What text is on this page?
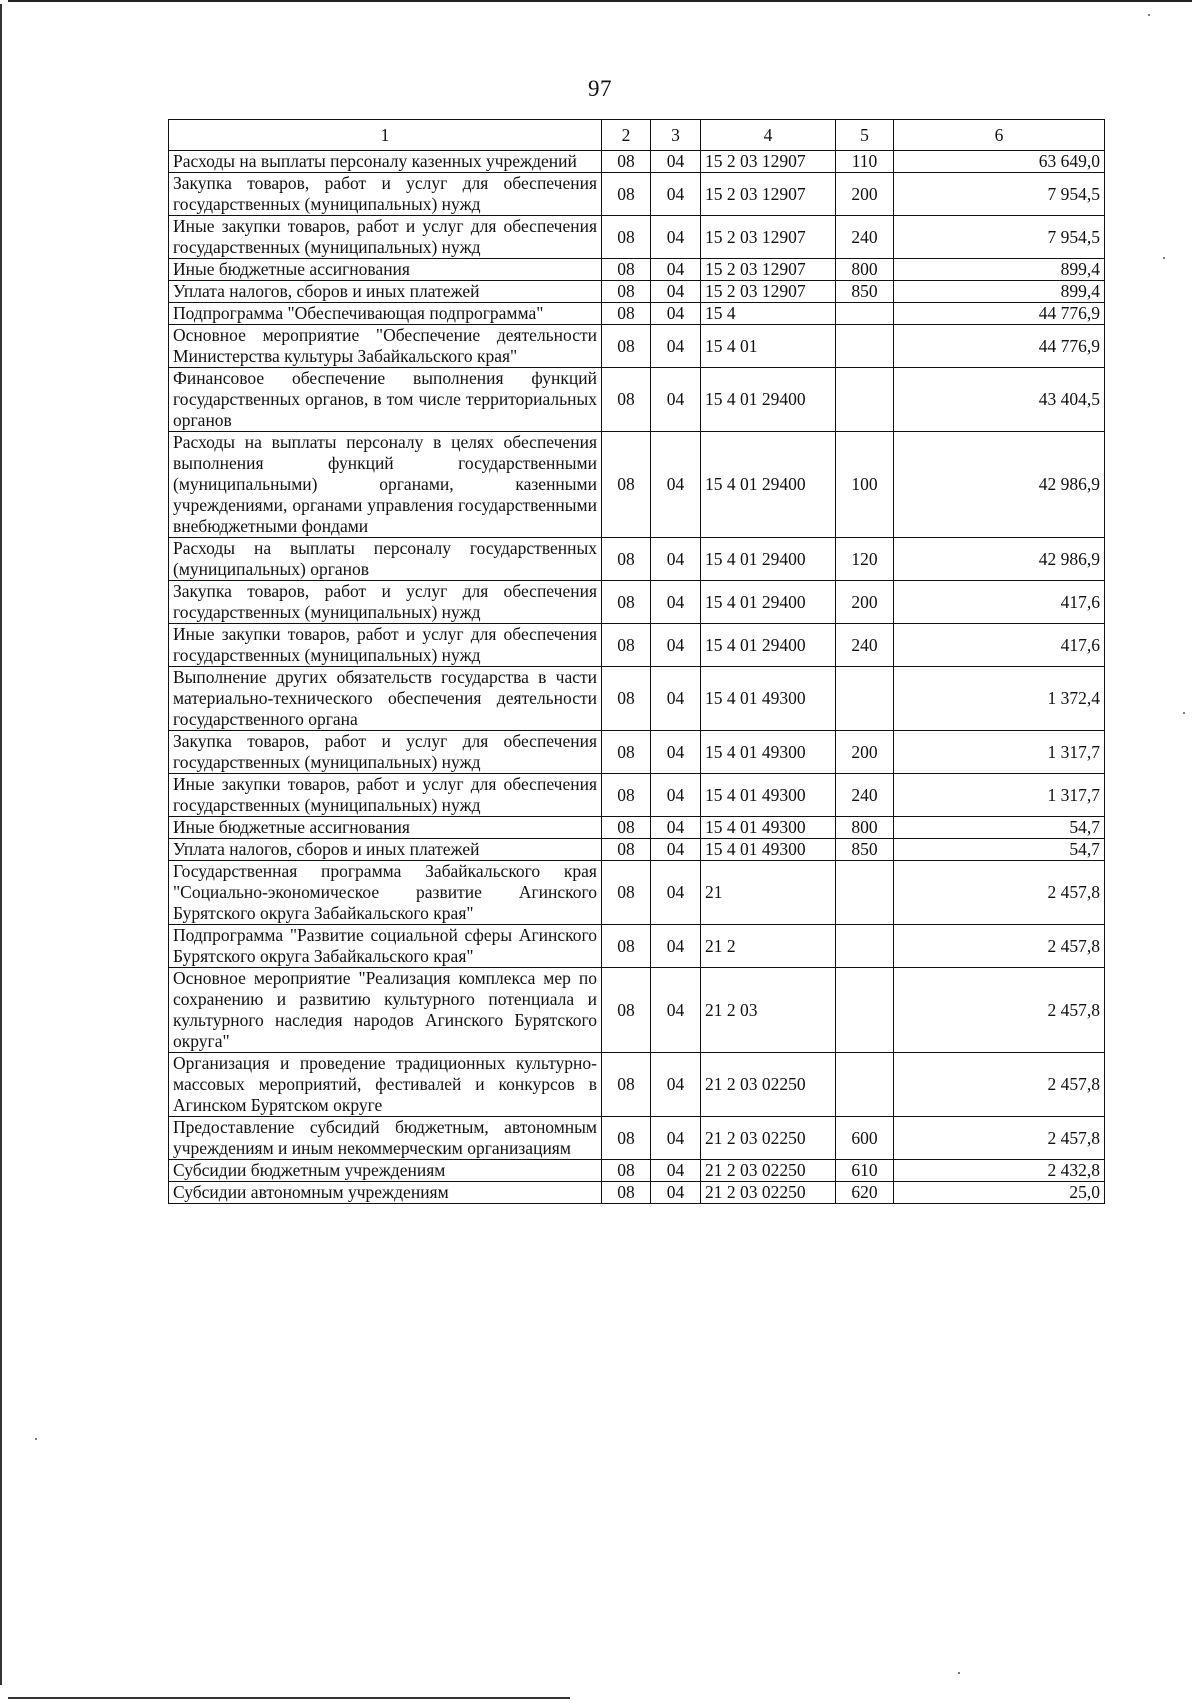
97
1	2	3	4	5	6
Расходы на выплаты персоналу казенных учреждений	08	04	15 2 03 12907	110	63 649,0
Закупка товаров, работ и услуг для обеспечения государственных (муниципальных) нужд	08	04	15 2 03 12907	200	7 954,5
Иные закупки товаров, работ и услуг для обеспечения государственных (муниципальных) нужд	08	04	15 2 03 12907	240	7 954,5
Иные бюджетные ассигнования	08	04	15 2 03 12907	800	899,4
Уплата налогов, сборов и иных платежей	08	04	15 2 03 12907	850	899,4
Подпрограмма "Обеспечивающая подпрограмма"	08	04	15 4		44 776,9
Основное мероприятие "Обеспечение деятельности Министерства культуры Забайкальского края"	08	04	15 4 01		44 776,9
Финансовое обеспечение выполнения функций государственных органов, в том числе территориальных органов	08	04	15 4 01 29400		43 404,5
Расходы на выплаты персоналу в целях обеспечения выполнения функций государственными (муниципальными) органами, казенными учреждениями, органами управления государственными внебюджетными фондами	08	04	15 4 01 29400	100	42 986,9
Расходы на выплаты персоналу государственных (муниципальных) органов	08	04	15 4 01 29400	120	42 986,9
Закупка товаров, работ и услуг для обеспечения государственных (муниципальных) нужд	08	04	15 4 01 29400	200	417,6
Иные закупки товаров, работ и услуг для обеспечения государственных (муниципальных) нужд	08	04	15 4 01 29400	240	417,6
Выполнение других обязательств государства в части материально-технического обеспечения деятельности государственного органа	08	04	15 4 01 49300		1 372,4
Закупка товаров, работ и услуг для обеспечения государственных (муниципальных) нужд	08	04	15 4 01 49300	200	1 317,7
Иные закупки товаров, работ и услуг для обеспечения государственных (муниципальных) нужд	08	04	15 4 01 49300	240	1 317,7
Иные бюджетные ассигнования	08	04	15 4 01 49300	800	54,7
Уплата налогов, сборов и иных платежей	08	04	15 4 01 49300	850	54,7
Государственная программа Забайкальского края "Социально-экономическое развитие Агинского Бурятского округа Забайкальского края"	08	04	21		2 457,8
Подпрограмма "Развитие социальной сферы Агинского Бурятского округа Забайкальского края"	08	04	21 2		2 457,8
Основное мероприятие "Реализация комплекса мер по сохранению и развитию культурного потенциала и культурного наследия народов Агинского Бурятского округа"	08	04	21 2 03		2 457,8
Организация и проведение традиционных культурно-массовых мероприятий, фестивалей и конкурсов в Агинском Бурятском округе	08	04	21 2 03 02250		2 457,8
Предоставление субсидий бюджетным, автономным учреждениям и иным некоммерческим организациям	08	04	21 2 03 02250	600	2 457,8
Субсидии бюджетным учреждениям	08	04	21 2 03 02250	610	2 432,8
Субсидии автономным учреждениям	08	04	21 2 03 02250	620	25,0
